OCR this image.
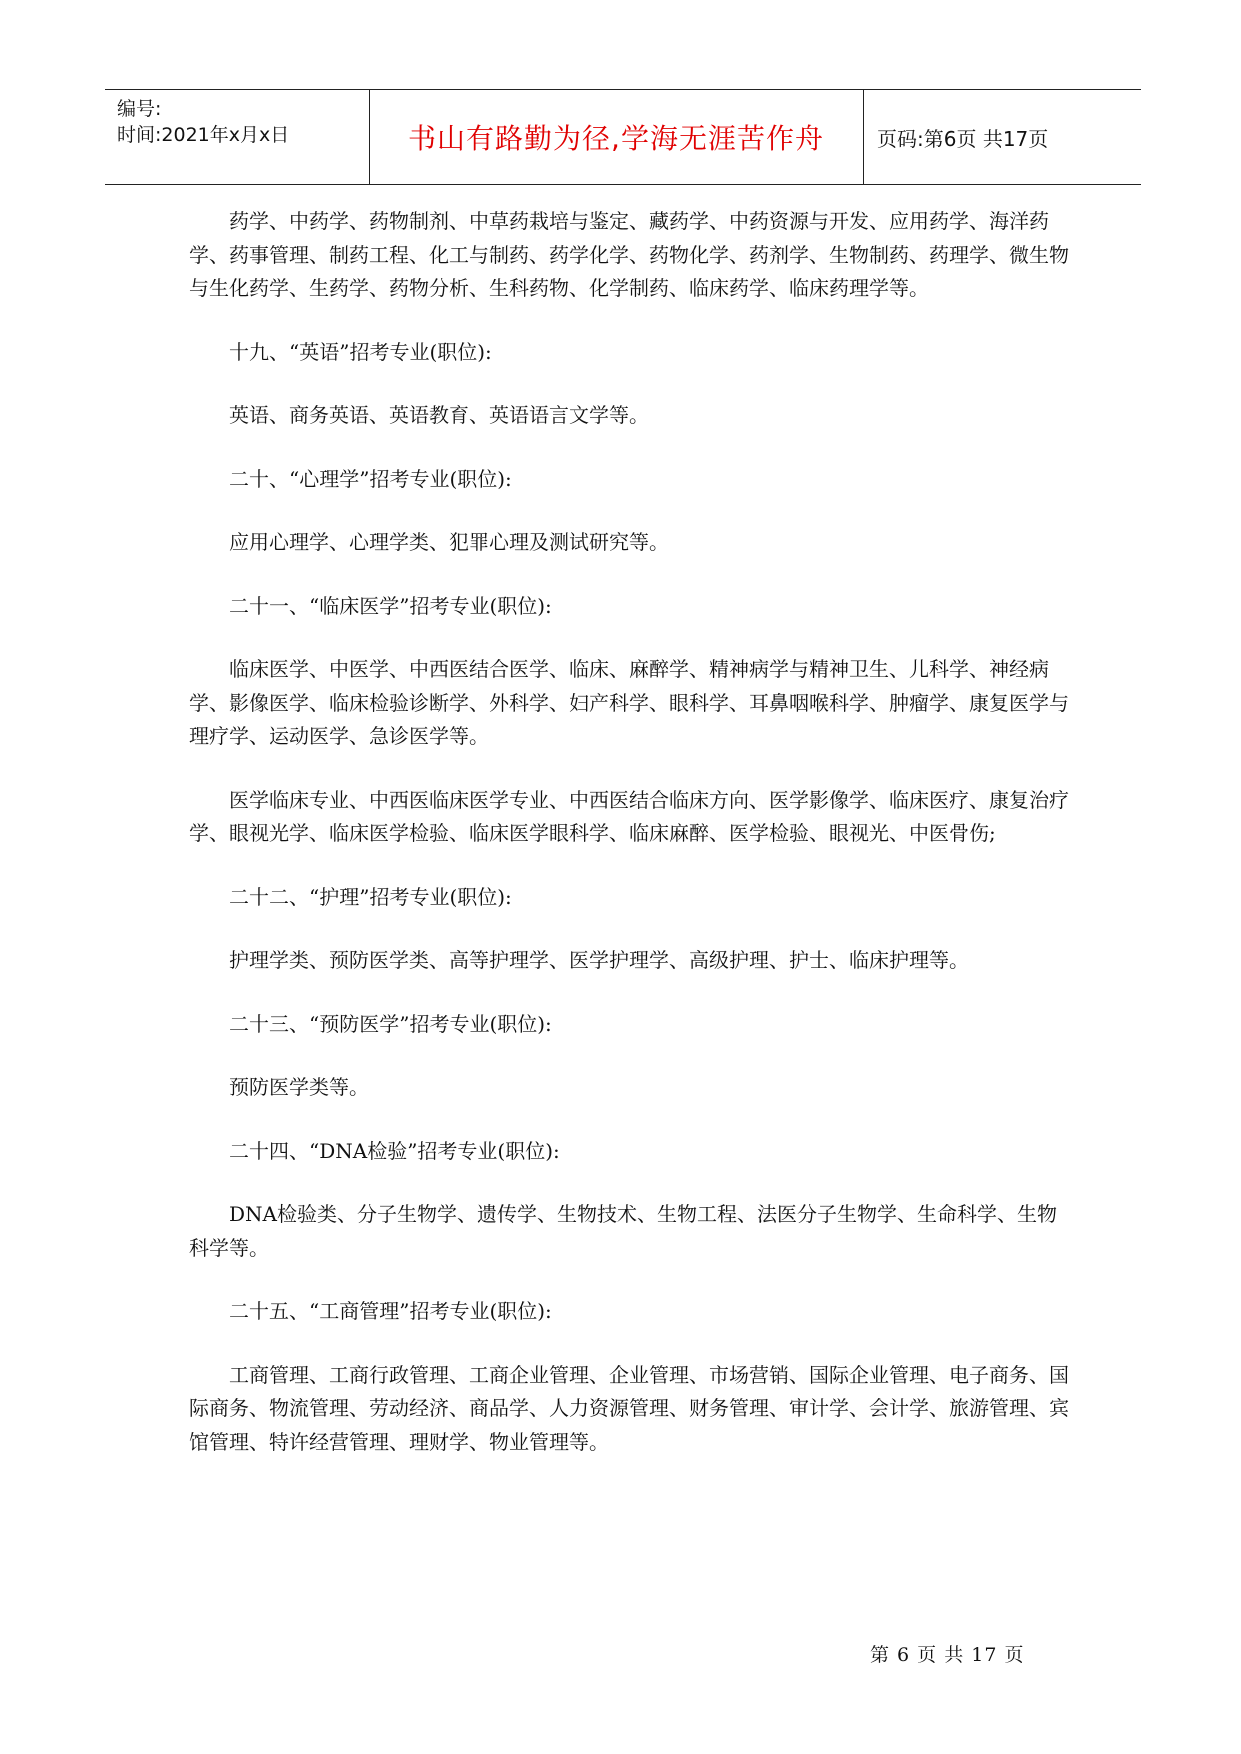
编号:
时间:2021年x月x日	书山有路勤为径,学海无涯苦作舟	页码:第6页 共17页

药学、中药学、药物制剂、中草药栽培与鉴定、藏药学、中药资源与开发、应用药学、海洋药学、药事管理、制药工程、化工与制药、药学化学、药物化学、药剂学、生物制药、药理学、微生物与生化药学、生药学、药物分析、生科药物、化学制药、临床药学、临床药理学等。

十九、“英语”招考专业(职位):

英语、商务英语、英语教育、英语语言文学等。

二十、“心理学”招考专业(职位):

应用心理学、心理学类、犯罪心理及测试研究等。

二十一、“临床医学”招考专业(职位):

临床医学、中医学、中西医结合医学、临床、麻醉学、精神病学与精神卫生、儿科学、神经病学、影像医学、临床检验诊断学、外科学、妇产科学、眼科学、耳鼻咽喉科学、肿瘤学、康复医学与理疗学、运动医学、急诊医学等。

医学临床专业、中西医临床医学专业、中西医结合临床方向、医学影像学、临床医疗、康复治疗学、眼视光学、临床医学检验、临床医学眼科学、临床麻醉、医学检验、眼视光、中医骨伤;

二十二、“护理”招考专业(职位):

护理学类、预防医学类、高等护理学、医学护理学、高级护理、护士、临床护理等。

二十三、“预防医学”招考专业(职位):

预防医学类等。

二十四、“DNA检验”招考专业(职位):

DNA检验类、分子生物学、遗传学、生物技术、生物工程、法医分子生物学、生命科学、生物科学等。

二十五、“工商管理”招考专业(职位):

工商管理、工商行政管理、工商企业管理、企业管理、市场营销、国际企业管理、电子商务、国际商务、物流管理、劳动经济、商品学、人力资源管理、财务管理、审计学、会计学、旅游管理、宾馆管理、特许经营管理、理财学、物业管理等。

第 6 页 共 17 页
